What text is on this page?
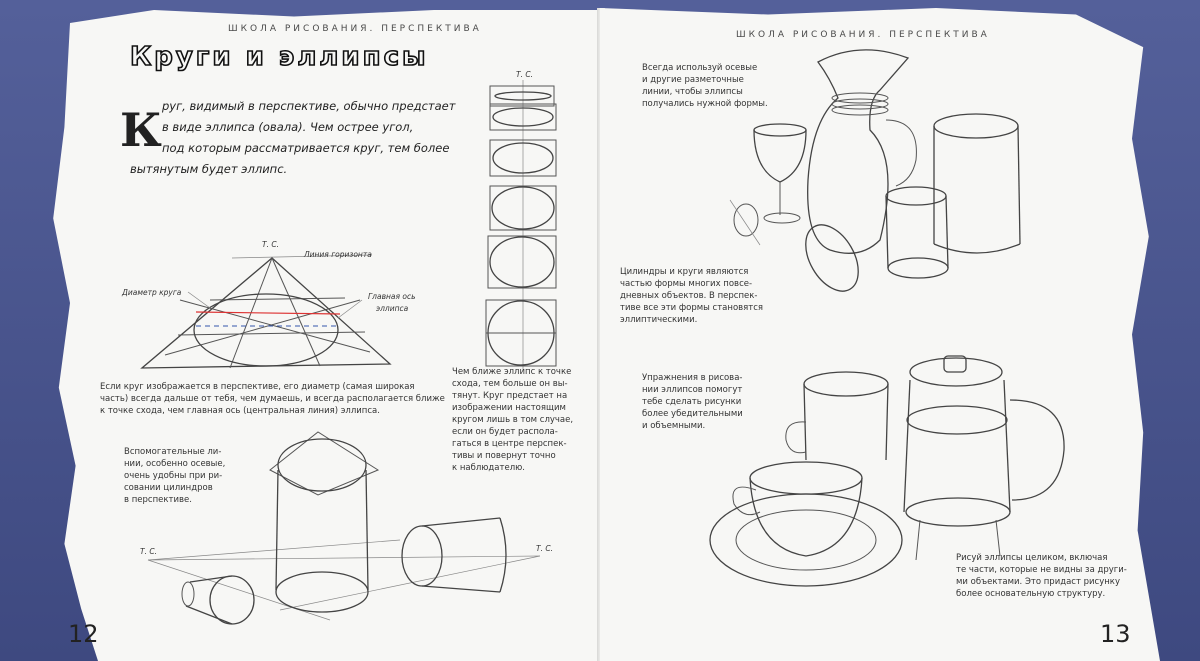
ШКОЛА РИСОВАНИЯ. ПЕРСПЕКТИВА
Круги и эллипсы
К руг, видимый в перспективе, обычно предстает
в виде эллипса (овала). Чем острее угол,
под которым рассматривается круг, тем более
вытянутым будет эллипс.
Т. С.
Линия горизонта
Диаметр круга	Главная ось
эллипса
Если круг изображается в перспективе, его диаметр (самая широкая
часть) всегда дальше от тебя, чем думаешь, и всегда располагается ближе
к точке схода, чем главная ось (центральная линия) эллипса.
Т. С.
Чем ближе эллипс к точке
схода, тем больше он вы-
тянут. Круг предстает на
изображении настоящим
кругом лишь в том случае,
если он будет распола-
гаться в центре перспек-
тивы и повернут точно
к наблюдателю.
Вспомогательные ли-
нии, особенно осевые,
очень удобны при ри-
совании цилиндров
в перспективе.
Т. С.	Т. С.
12
ШКОЛА РИСОВАНИЯ. ПЕРСПЕКТИВА
Всегда используй осевые
и другие разметочные
линии, чтобы эллипсы
получались нужной формы.
Цилиндры и круги являются
частью формы многих повсе-
дневных объектов. В перспек-
тиве все эти формы становятся
эллиптическими.
Упражнения в рисова-
нии эллипсов помогут
тебе сделать рисунки
более убедительными
и объемными.
Рисуй эллипсы целиком, включая
те части, которые не видны за други-
ми объектами. Это придаст рисунку
более основательную структуру.
13
